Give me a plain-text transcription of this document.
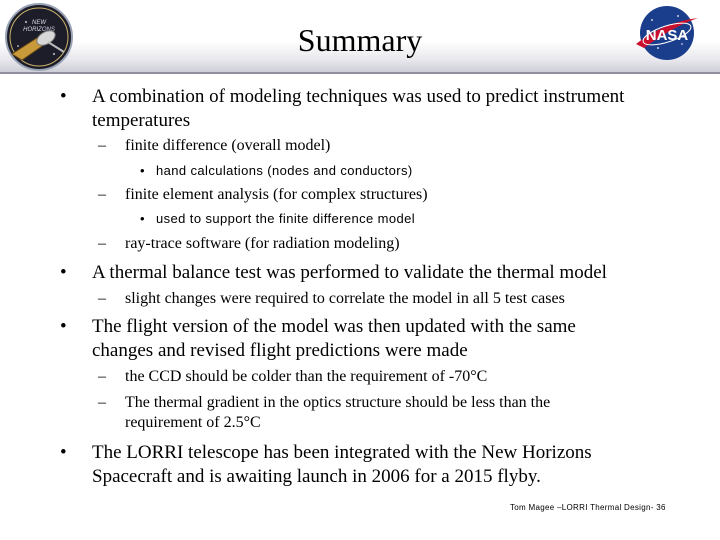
NEW
HORIZONS	NASA
Summary
• A combination of modeling techniques was used to predict instrument
temperatures
– finite difference (overall model)
• hand calculations (nodes and conductors)
– finite element analysis (for complex structures)
• used to support the finite difference model
– ray-trace software (for radiation modeling)
• A thermal balance test was performed to validate the thermal model
– slight changes were required to correlate the model in all 5 test cases
• The flight version of the model was then updated with the same
changes and revised flight predictions were made
– the CCD should be colder than the requirement of -70°C
– The thermal gradient in the optics structure should be less than the
requirement of 2.5°C
• The LORRI telescope has been integrated with the New Horizons
Spacecraft and is awaiting launch in 2006 for a 2015 flyby.
Tom Magee –LORRI Thermal Design- 36
